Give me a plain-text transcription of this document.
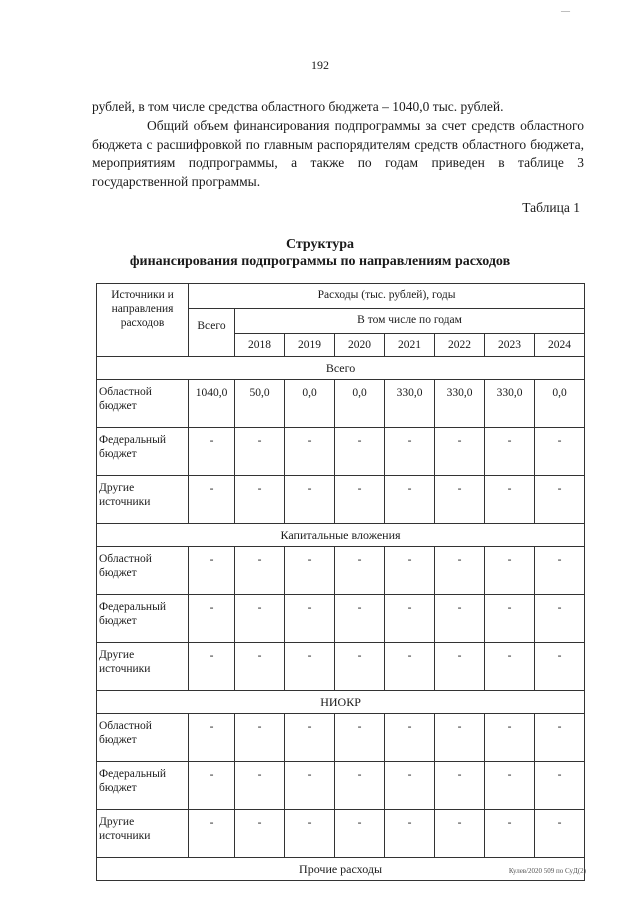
—
192

рублей, в том числе средства областного бюджета – 1040,0 тыс. рублей.

Общий объем финансирования подпрограммы за счет средств областного бюджета с расшифровкой по главным распорядителям средств областного бюджета, мероприятиям подпрограммы, а также по годам приведен в таблице 3 государственной программы.

Таблица 1
Структура
финансирования подпрограммы по направлениям расходов
Источники и направления расходов	Расходы (тыс. рублей), годы							
	Всего	В том числе по годам						
		2018	2019	2020	2021	2022	2023	2024
Всего								
Областной бюджет	1040,0	50,0	0,0	0,0	330,0	330,0	330,0	0,0
Федеральный бюджет	-	-	-	-	-	-	-	-
Другие источники	-	-	-	-	-	-	-	-
Капитальные вложения								
Областной бюджет	-	-	-	-	-	-	-	-
Федеральный бюджет	-	-	-	-	-	-	-	-
Другие источники	-	-	-	-	-	-	-	-
НИОКР								
Областной бюджет	-	-	-	-	-	-	-	-
Федеральный бюджет	-	-	-	-	-	-	-	-
Другие источники	-	-	-	-	-	-	-	-
Прочие расходы									Кулев/2020 509 по СуД(2)
